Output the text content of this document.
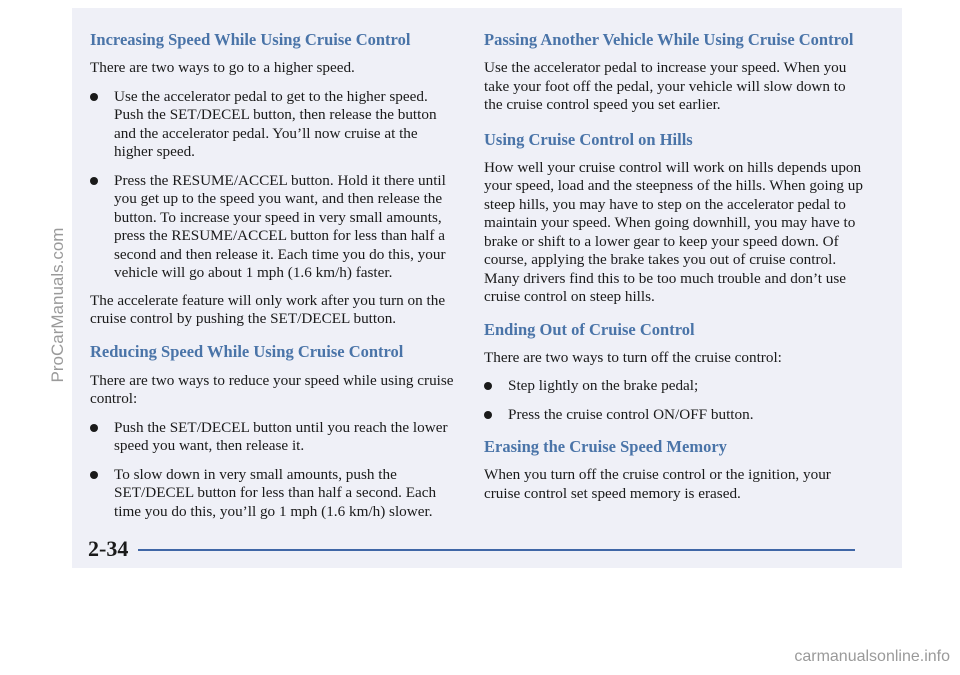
Increasing Speed While Using Cruise Control

There are two ways to go to a higher speed.

Use the accelerator pedal to get to the higher speed. Push the SET/DECEL button, then release the button and the accelerator pedal. You’ll now cruise at the higher speed.
Press the RESUME/ACCEL button. Hold it there until you get up to the speed you want, and then release the button. To increase your speed in very small amounts, press the RESUME/ACCEL button for less than half a second and then release it. Each time you do this, your vehicle will go about 1 mph (1.6 km/h) faster.

The accelerate feature will only work after you turn on the cruise control by pushing the SET/DECEL button.

Reducing Speed While Using Cruise Control

There are two ways to reduce your speed while using cruise control:

Push the SET/DECEL button until you reach the lower speed you want, then release it.
To slow down in very small amounts, push the SET/DECEL button for less than half a second. Each time you do this, you’ll go 1 mph (1.6 km/h) slower.
Passing Another Vehicle While Using Cruise Control

Use the accelerator pedal to increase your speed. When you take your foot off the pedal, your vehicle will slow down to the cruise control speed you set earlier.

Using Cruise Control on Hills

How well your cruise control will work on hills depends upon your speed, load and the steepness of the hills. When going up steep hills, you may have to step on the accelerator pedal to maintain your speed. When going downhill, you may have to brake or shift to a lower gear to keep your speed down. Of course, applying the brake takes you out of cruise control. Many drivers find this to be too much trouble and don’t use cruise control on steep hills.

Ending Out of Cruise Control

There are two ways to turn off the cruise control:

Step lightly on the brake pedal;
Press the cruise control ON/OFF button.
Erasing the Cruise Speed Memory

When you turn off the cruise control or the ignition, your cruise control set speed memory is erased.

2-34
ProCarManuals.com
carmanualsonline.info
